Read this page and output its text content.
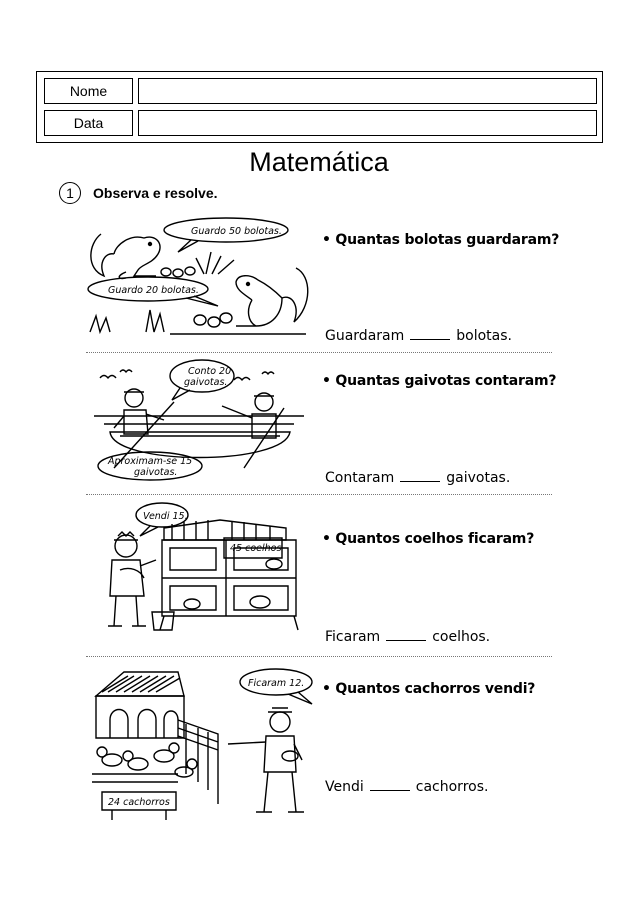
Nome
Data
Matemática
1	Observa e resolve.
Guardo 50 bolotas.
Guardo 20 bolotas.
• Quantas bolotas guardaram?
Guardaram	bolotas.
Conto 20
gaivotas.
Aproximam-se 15
gaivotas.
• Quantas gaivotas contaram?
Contaram	gaivotas.
Vendi 15.
45 coelhos
• Quantos coelhos ficaram?
Ficaram	coelhos.
Ficaram 12.
24 cachorros
• Quantos cachorros vendi?
Vendi	cachorros.
